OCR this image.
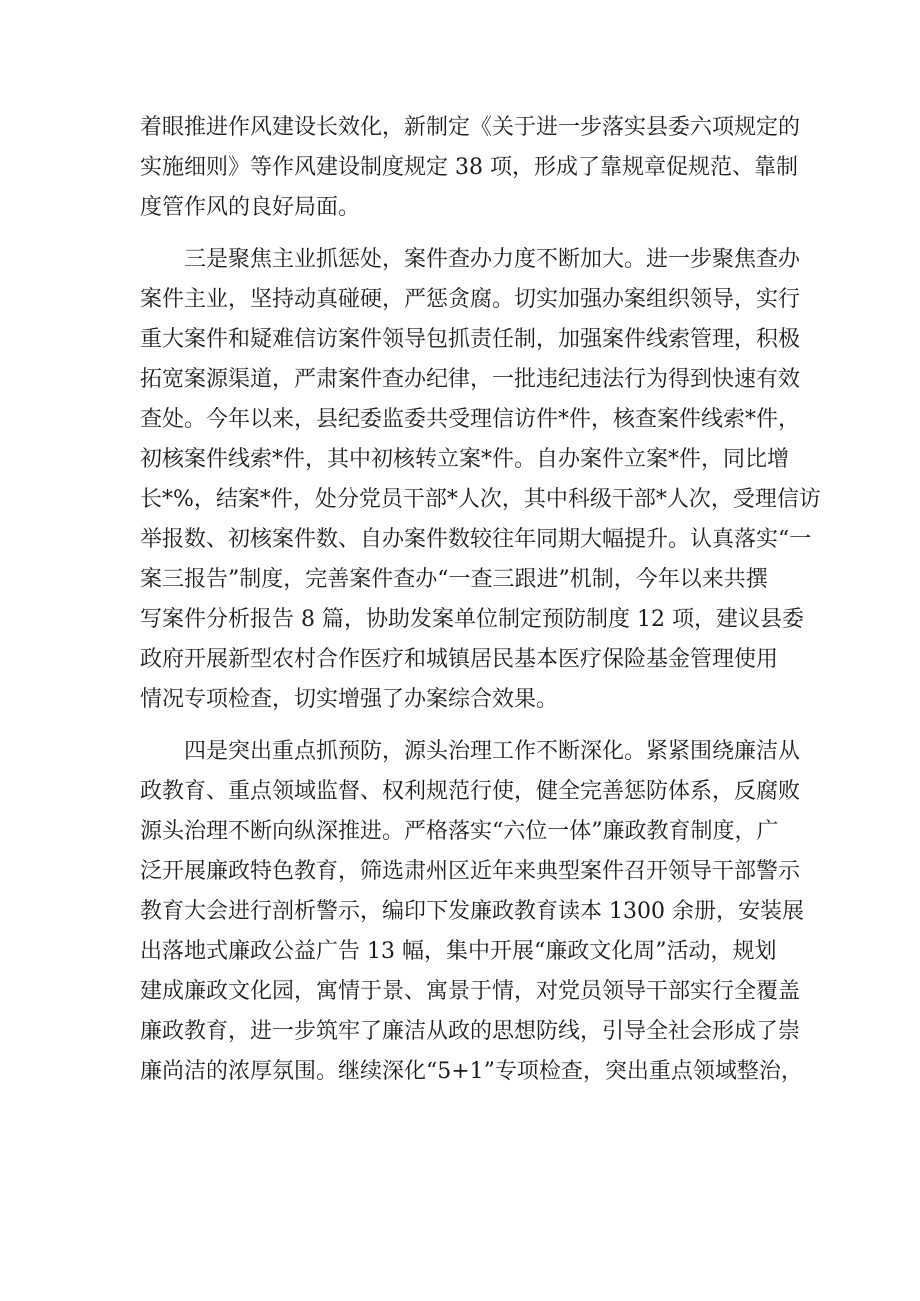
着眼推进作风建设长效化，新制定《关于进一步落实县委六项规定的
实施细则》等作风建设制度规定 38 项，形成了靠规章促规范、靠制
度管作风的良好局面。
三是聚焦主业抓惩处，案件查办力度不断加大。进一步聚焦查办
案件主业，坚持动真碰硬，严惩贪腐。切实加强办案组织领导，实行
重大案件和疑难信访案件领导包抓责任制，加强案件线索管理，积极
拓宽案源渠道，严肃案件查办纪律，一批违纪违法行为得到快速有效
查处。今年以来，县纪委监委共受理信访件*件，核查案件线索*件，
初核案件线索*件，其中初核转立案*件。自办案件立案*件，同比增
长*%，结案*件，处分党员干部*人次，其中科级干部*人次，受理信访
举报数、初核案件数、自办案件数较往年同期大幅提升。认真落实“一
案三报告”制度，完善案件查办“一查三跟进”机制，今年以来共撰
写案件分析报告 8 篇，协助发案单位制定预防制度 12 项，建议县委
政府开展新型农村合作医疗和城镇居民基本医疗保险基金管理使用
情况专项检查，切实增强了办案综合效果。
四是突出重点抓预防，源头治理工作不断深化。紧紧围绕廉洁从
政教育、重点领域监督、权利规范行使，健全完善惩防体系，反腐败
源头治理不断向纵深推进。严格落实“六位一体”廉政教育制度，广
泛开展廉政特色教育，筛选肃州区近年来典型案件召开领导干部警示
教育大会进行剖析警示，编印下发廉政教育读本 1300 余册，安装展
出落地式廉政公益广告 13 幅，集中开展“廉政文化周”活动，规划
建成廉政文化园，寓情于景、寓景于情，对党员领导干部实行全覆盖
廉政教育，进一步筑牢了廉洁从政的思想防线，引导全社会形成了崇
廉尚洁的浓厚氛围。继续深化“5+1”专项检查，突出重点领域整治，
